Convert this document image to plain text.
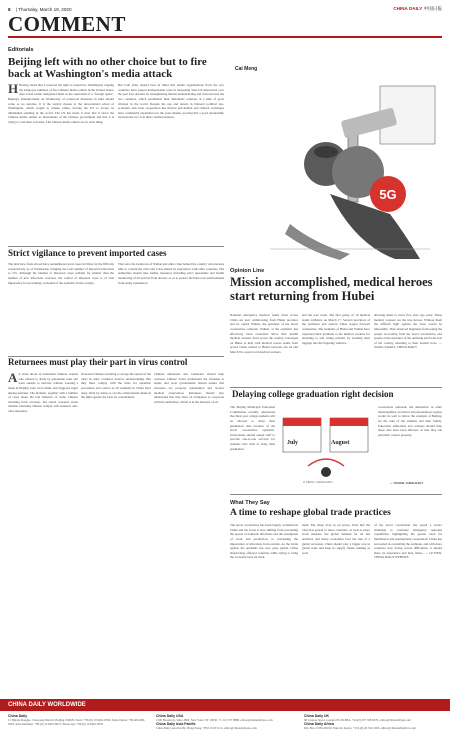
8 | Thursday, March 19, 2020	CHINA DAILY 中国日报
COMMENT
Editorials
Beijing left with no other choice but to fire back at Washington's media attack
H Having stated that it reserved the right to respond to Washington capping the employee numbers of five Chinese media outlets in the United States, after it had earlier designated them as the equivalent of a "foreign agent", Beijing's announcement on Wednesday of reciprocal measures in kind should come as no surprise. It is the logical riposte to the unwarranted action of Washington, which sought to rebuke China, forcing the US to accept its diminished standing in the world. The US has made it clear that it views the Chinese media outlets as instruments of the Chinese government and that it is trying to curb their activities. The Chinese media outlets are no such thing.
But both sides should bear in mind that media organizations from the two countries have played indispensable roles in deepening Sino-US interaction over the past four decades by strengthening mutual understanding and trust between the two countries, which established their diplomatic relations at a time of great division in the world. Despite the ups and downs in bilateral political ties, economic and trade cooperation has thrived and human and cultural exchanges have continually expanded over the years thanks, proving that a good relationship between the two is in their common interest.
Strict vigilance to prevent imported cases
The interview from abroad have outnumbered local cases in China for the fifth day consecutively as of Wednesday, bringing the total number of imported infections to 155. Although the number of imported cases remains far smaller than the number of new infections overseas, the control of imported cases is of vital importance for preventing a rebound of the epidemic in the country.
That said, the lockdown of Wuhan and other cities helped the country win precious time to contain the virus and it has shared its experience with other countries. The authorities should take further measures including strict quarantine and health monitoring of all arrivals from abroad, so as to protect the hard-won achievements from being squandered.
Returnees must play their part in virus control
A A video about an Australian Chinese woman who refused to abide by quarantine rules and went outside to exercise without wearing a mask in Beijing went viral online and triggered anger among netizens. The incident, together with a number of cases about the bad behavior of some Chinese returning from overseas, has raised concerns about whether returning Chinese comply with domestic anti-virus measures.
Overseas Chinese returning to escape the spread of the virus in other countries deserve understanding. But they must comply with the rules for epidemic prevention and control as all residents in China have done. Only by doing so can the achievements made in the fight against the virus be consolidated.
Chinese embassies and consulates should help overseas Chinese better understand the situation at home, and local governments should ensure that returnees are properly quarantined and receive medical observation. Returnees should also understand that they have an obligation to cooperate with the authorities, which is in the interests of all.
Cai Meng
5G
Opinion Line
Mission accomplished, medical heroes start returning from Hubei
National emergency medical teams from across China are now withdrawing from Hubei province and its capital Wuhan, the epicenter of the novel coronavirus outbreak. Wuhan, at the epidemic has effectively been controlled. More than 42,000 medical workers from across the country converged on Hubei to help with medical rescue teams from across China rushed to Hubei between Jan 24 and March 8 to assist local medical workers.
and the past week. The first group of 19 medical teams withdrew on March 17. Several provinces of the northeast and eastern China staged farewell ceremonies. The residents of Hubei and Wuhan have expressed their gratitude to the medical workers for attending to and curing patients by stocking their luggage into the lingering vehicles.
allowing them to leave five days ago early. These medical workers are the true heroes. Without them the difficult fight against the virus would be impossible. They deserved happiness from seeing the people recovering from the novel coronavirus, and people at the epicenter of the outbreak and in the rest of the country returning to their normal lives. — WANG XIAOLI, CHINA DAILY
Delaying college graduation right decision
The Beijing Municipal Education Commission recently announced that final-year college students will be allowed to delay their graduation date because of the novel coronavirus epidemic. Universities should assign staff to provide one-to-one services for students who wish to delay their graduation.
July	August
LI FENG / CHINA DAILY
coronavirus outbreak, the authorities in other municipalities, provinces and autonomous regions would do well to follow the example of Beijing, for the sake of the students and their family. Education authorities and colleges should help those who have been affected, so that they can plan their careers properly.
— YICHEN, CHINA DAILY
What They Say
A time to reshape global trade practices
The novel coronavirus has been largely contained in China and the focus is now shifting from preventing the spread of domestic infections and the resumption of work and production, to preventing the importation of infections from outside. As the battle against the epidemic has now gone global, China should help affected countries while trying to bring the economy back on track.
ment. The sharp drop in oil prices, fears that the virus has spread to more countries, as well as more stock markets, the global demand for oil has declined, and many economies face the risk of a global recession. China should play a bigger role in global trade and keep its supply chains running as well.
of the novel coronavirus has posed a severe challenge to countries' emergency response capabilities, highlighting the greater need for multilateral and international cooperation. China has succeeded in controlling the outbreak, and with more countries now facing severe difficulties, it should share its experience and help others. — LETTER, CHINA DAILY WEBSITE
CHINA DAILY WORLDWIDE
China Daily
15 Huixin Dongjie, Chaoyang District, Beijing 100029. News: +86 (0) 10 6491-8366. Subscription: +86 400-699-0203. Advertisement: +86 (0) 10 6491-8631. Phone app: +86 (0) 10 6491-0050
China Daily USA
1500 Broadway, Suite 2800, New York, NY 10036. +1 212 537 8888. editor@chinadailyusa.com
China Daily Asia Pacific
China Daily Asia Pacific, Hong Kong. +852 2518 5111. editor@chinadailyasia.com
China Daily UK
90 Cannon Street, London EC4N 6HA. +44 (0) 207 398 8270. editor@chinadailyuk.com
China Daily Africa
P.O. Box 27281-00100, Nairobi, Kenya. +254 (0) 20 522 1000. editor@chinadailyafrica.com
